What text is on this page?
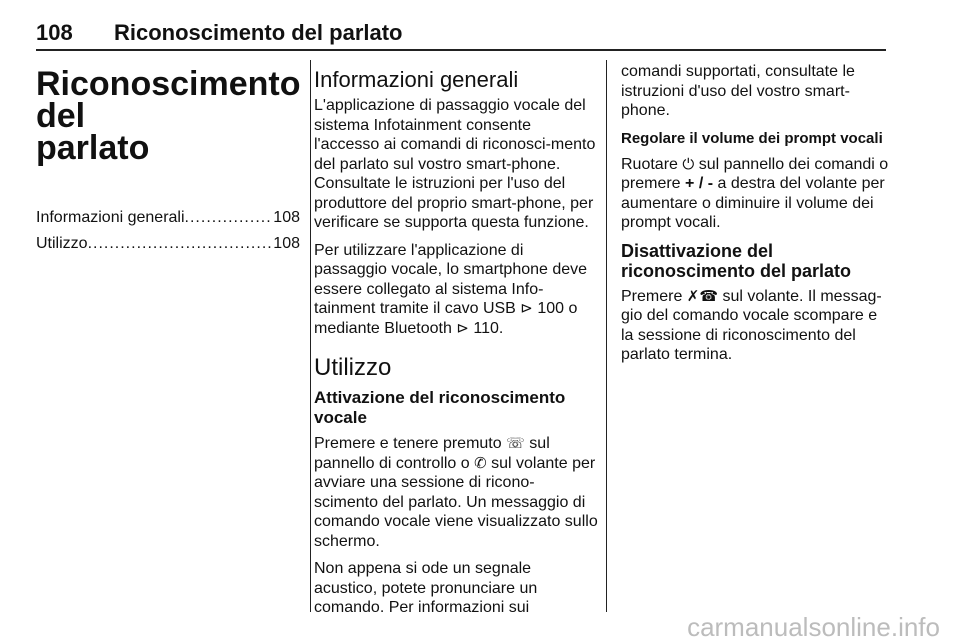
108 Riconoscimento del parlato
Riconoscimento del
parlato
Informazioni generali .....	108
Utilizzo .....	108
Informazioni generali

L'applicazione di passaggio vocale del sistema Infotainment consente l'accesso ai comandi di riconosci-mento del parlato sul vostro smart-phone. Consultate le istruzioni per l'uso del produttore del proprio smart-phone, per verificare se supporta questa funzione.

Per utilizzare l'applicazione di passaggio vocale, lo smartphone deve essere collegato al sistema Info-tainment tramite il cavo USB ⊳ 100 o mediante Bluetooth ⊳ 110.

Utilizzo
Attivazione del riconoscimento vocale

Premere e tenere premuto ☏ sul pannello di controllo o ✆ sul volante per avviare una sessione di ricono-scimento del parlato. Un messaggio di comando vocale viene visualizzato sullo schermo.

Non appena si ode un segnale acustico, potete pronunciare un comando. Per informazioni sui

comandi supportati, consultate le istruzioni d'uso del vostro smart-phone.

Regolare il volume dei prompt vocali

Ruotare ⏻ sul pannello dei comandi o premere + / - a destra del volante per aumentare o diminuire il volume dei prompt vocali.

Disattivazione del riconoscimento del parlato

Premere ✗☎ sul volante. Il messag-gio del comando vocale scompare e la sessione di riconoscimento del parlato termina.

carmanualsonline.info
